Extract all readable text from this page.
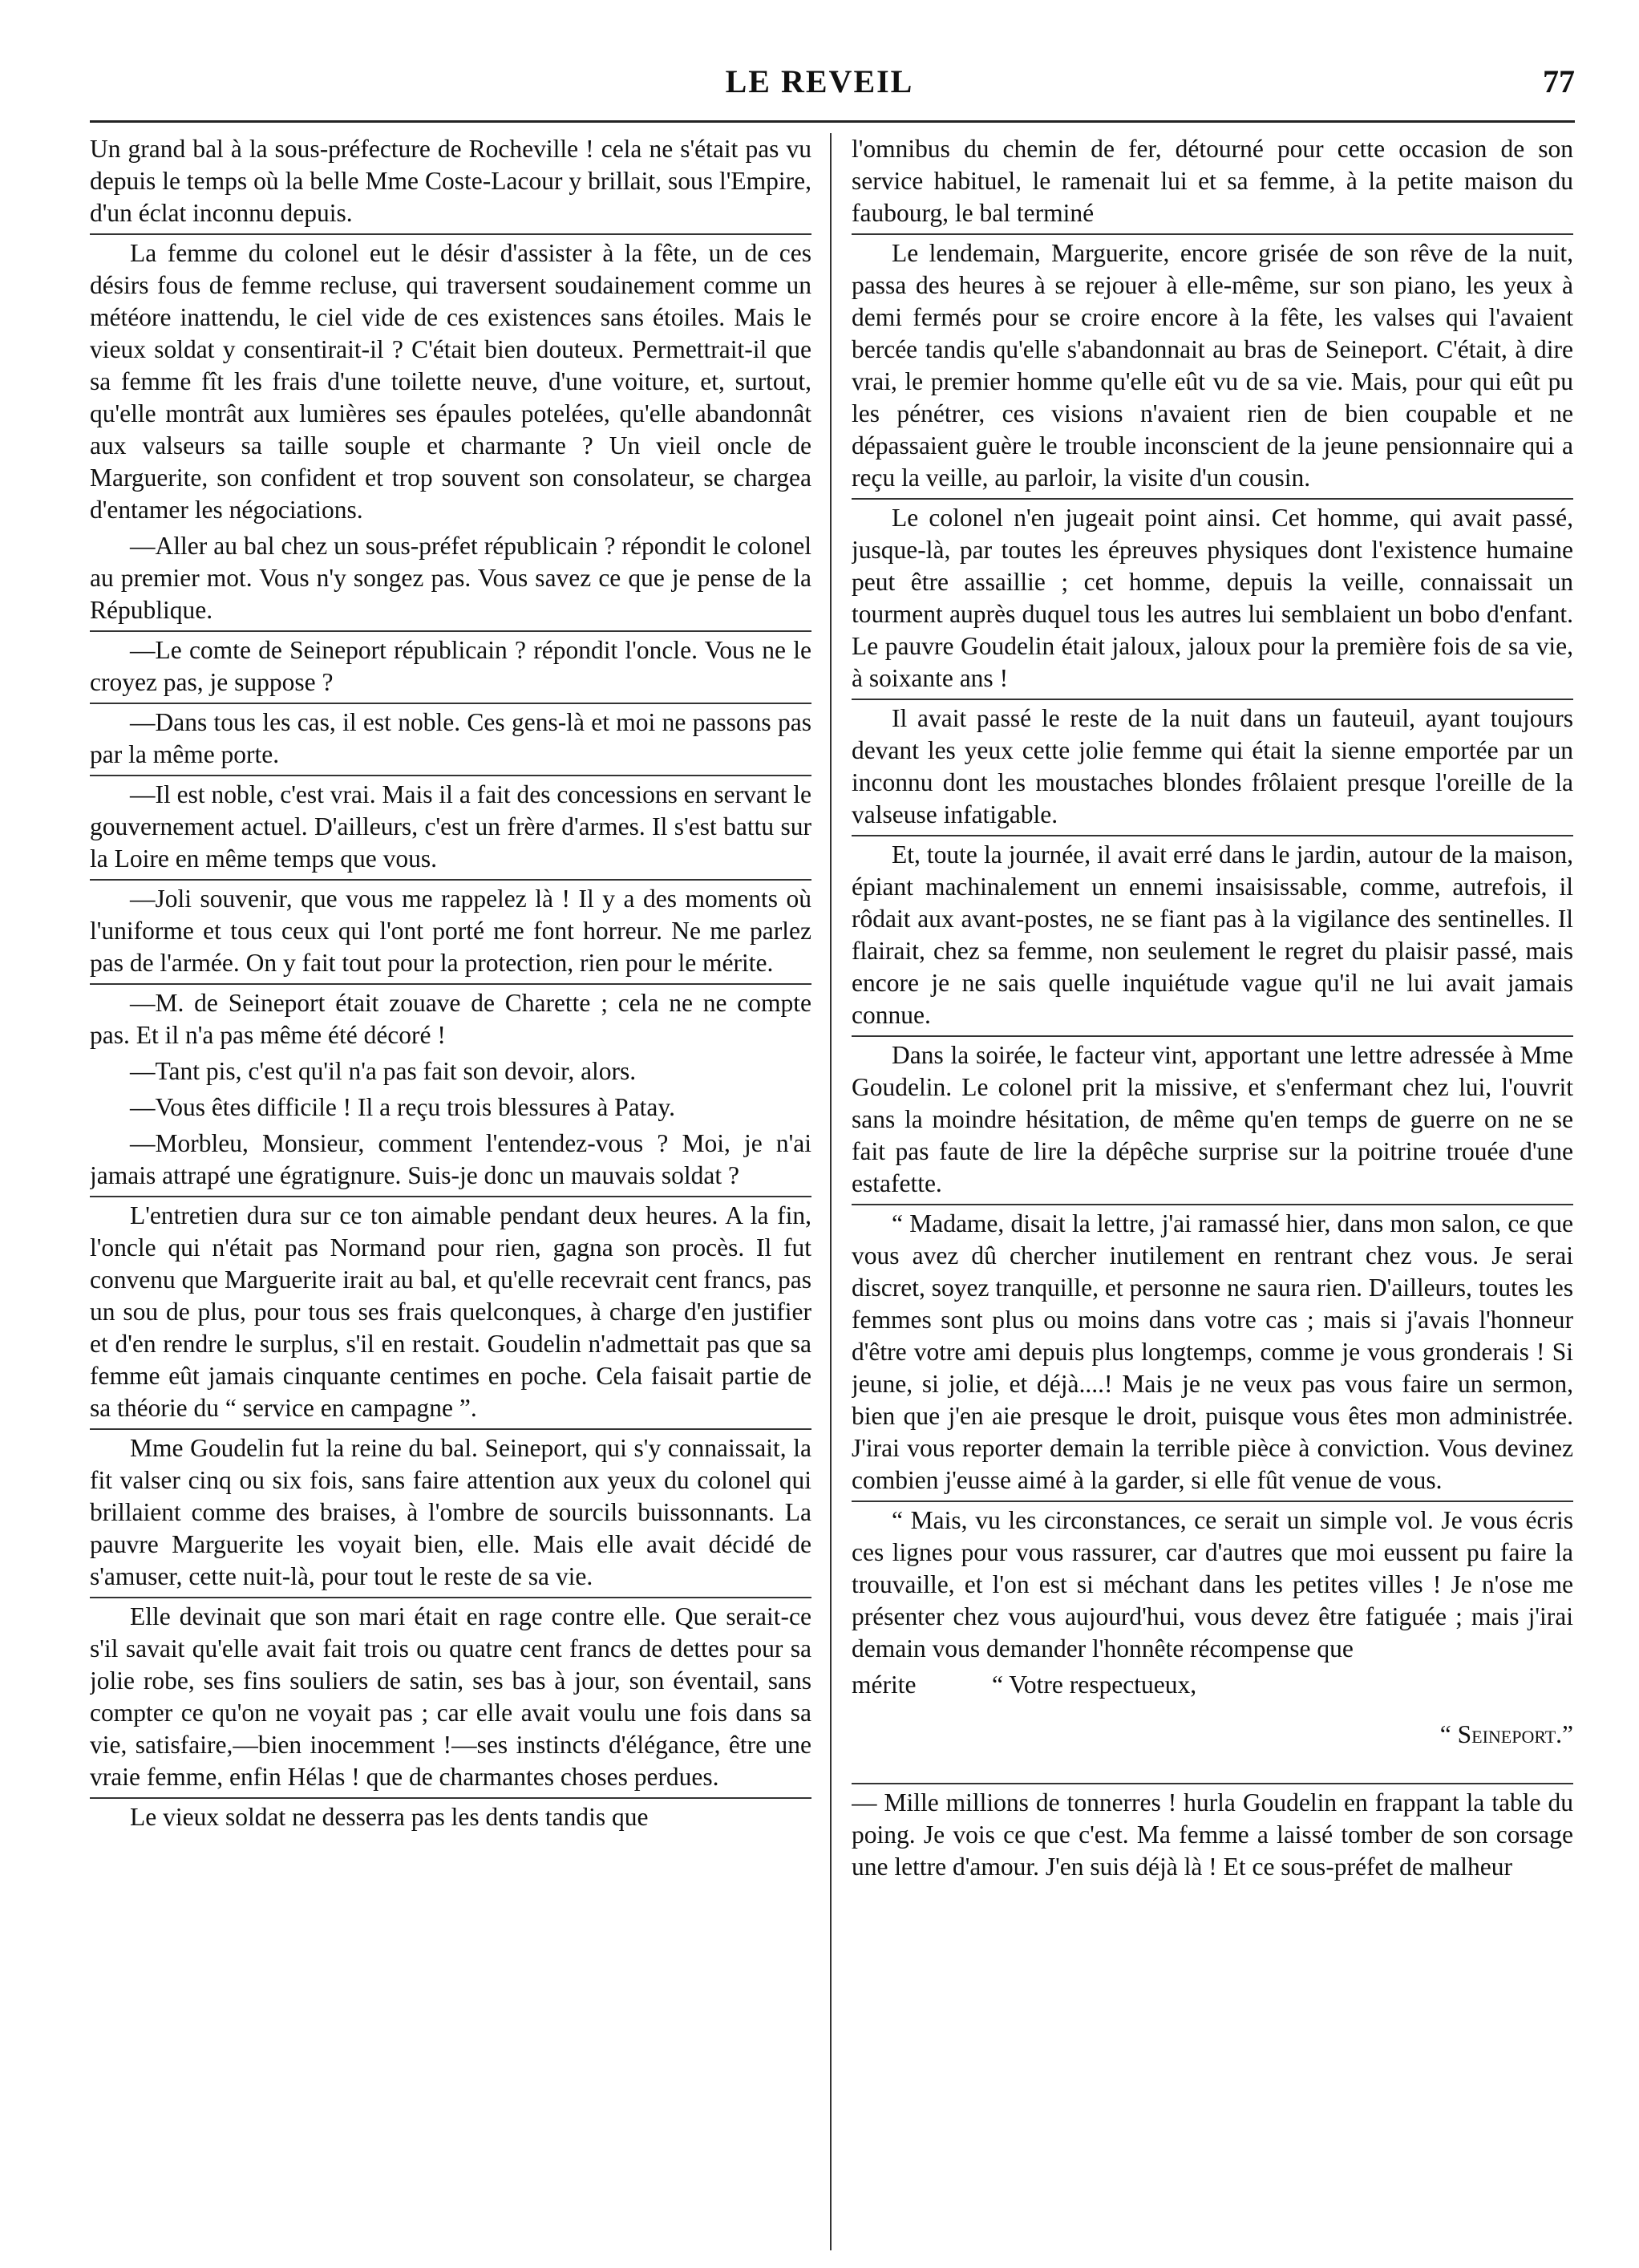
LE REVEIL	77

Un grand bal à la sous-préfecture de Rocheville ! cela ne s'était pas vu depuis le temps où la belle Mme Coste-Lacour y brillait, sous l'Empire, d'un éclat inconnu depuis.

La femme du colonel eut le désir d'assister à la fête, un de ces désirs fous de femme recluse, qui traversent soudainement comme un météore inattendu, le ciel vide de ces existences sans étoiles. Mais le vieux soldat y consentirait-il ? C'était bien douteux. Permettrait-il que sa femme fît les frais d'une toilette neuve, d'une voiture, et, surtout, qu'elle montrât aux lumières ses épaules potelées, qu'elle abandonnât aux valseurs sa taille souple et charmante ? Un vieil oncle de Marguerite, son confident et trop souvent son consolateur, se chargea d'entamer les négociations.

—Aller au bal chez un sous-préfet républicain ? répondit le colonel au premier mot. Vous n'y songez pas. Vous savez ce que je pense de la République.

—Le comte de Seineport républicain ? répondit l'oncle. Vous ne le croyez pas, je suppose ?

—Dans tous les cas, il est noble. Ces gens-là et moi ne passons pas par la même porte.

—Il est noble, c'est vrai. Mais il a fait des concessions en servant le gouvernement actuel. D'ailleurs, c'est un frère d'armes. Il s'est battu sur la Loire en même temps que vous.

—Joli souvenir, que vous me rappelez là ! Il y a des moments où l'uniforme et tous ceux qui l'ont porté me font horreur. Ne me parlez pas de l'armée. On y fait tout pour la protection, rien pour le mérite.

—M. de Seineport était zouave de Charette ; cela ne ne compte pas. Et il n'a pas même été décoré !

—Tant pis, c'est qu'il n'a pas fait son devoir, alors.

—Vous êtes difficile ! Il a reçu trois blessures à Patay.

—Morbleu, Monsieur, comment l'entendez-vous ? Moi, je n'ai jamais attrapé une égratignure. Suis-je donc un mauvais soldat ?

L'entretien dura sur ce ton aimable pendant deux heures. A la fin, l'oncle qui n'était pas Normand pour rien, gagna son procès. Il fut convenu que Marguerite irait au bal, et qu'elle recevrait cent francs, pas un sou de plus, pour tous ses frais quelconques, à charge d'en justifier et d'en rendre le surplus, s'il en restait. Goudelin n'admettait pas que sa femme eût jamais cinquante centimes en poche. Cela faisait partie de sa théorie du “ service en campagne ”.

Mme Goudelin fut la reine du bal. Seineport, qui s'y connaissait, la fit valser cinq ou six fois, sans faire attention aux yeux du colonel qui brillaient comme des braises, à l'ombre de sourcils buissonnants. La pauvre Marguerite les voyait bien, elle. Mais elle avait décidé de s'amuser, cette nuit-là, pour tout le reste de sa vie.

Elle devinait que son mari était en rage contre elle. Que serait-ce s'il savait qu'elle avait fait trois ou quatre cent francs de dettes pour sa jolie robe, ses fins souliers de satin, ses bas à jour, son éventail, sans compter ce qu'on ne voyait pas ; car elle avait voulu une fois dans sa vie, satisfaire,—bien inocemment !—ses instincts d'élégance, être une vraie femme, enfin Hélas ! que de charmantes choses perdues.

Le vieux soldat ne desserra pas les dents tandis que

l'omnibus du chemin de fer, détourné pour cette occasion de son service habituel, le ramenait lui et sa femme, à la petite maison du faubourg, le bal terminé

Le lendemain, Marguerite, encore grisée de son rêve de la nuit, passa des heures à se rejouer à elle-même, sur son piano, les yeux à demi fermés pour se croire encore à la fête, les valses qui l'avaient bercée tandis qu'elle s'abandonnait au bras de Seineport. C'était, à dire vrai, le premier homme qu'elle eût vu de sa vie. Mais, pour qui eût pu les pénétrer, ces visions n'avaient rien de bien coupable et ne dépassaient guère le trouble inconscient de la jeune pensionnaire qui a reçu la veille, au parloir, la visite d'un cousin.

Le colonel n'en jugeait point ainsi. Cet homme, qui avait passé, jusque-là, par toutes les épreuves physiques dont l'existence humaine peut être assaillie ; cet homme, depuis la veille, connaissait un tourment auprès duquel tous les autres lui semblaient un bobo d'enfant. Le pauvre Goudelin était jaloux, jaloux pour la première fois de sa vie, à soixante ans !

Il avait passé le reste de la nuit dans un fauteuil, ayant toujours devant les yeux cette jolie femme qui était la sienne emportée par un inconnu dont les moustaches blondes frôlaient presque l'oreille de la valseuse infatigable.

Et, toute la journée, il avait erré dans le jardin, autour de la maison, épiant machinalement un ennemi insaisissable, comme, autrefois, il rôdait aux avant-postes, ne se fiant pas à la vigilance des sentinelles. Il flairait, chez sa femme, non seulement le regret du plaisir passé, mais encore je ne sais quelle inquiétude vague qu'il ne lui avait jamais connue.

Dans la soirée, le facteur vint, apportant une lettre adressée à Mme Goudelin. Le colonel prit la missive, et s'enfermant chez lui, l'ouvrit sans la moindre hésitation, de même qu'en temps de guerre on ne se fait pas faute de lire la dépêche surprise sur la poitrine trouée d'une estafette.

“ Madame, disait la lettre, j'ai ramassé hier, dans mon salon, ce que vous avez dû chercher inutilement en rentrant chez vous. Je serai discret, soyez tranquille, et personne ne saura rien. D'ailleurs, toutes les femmes sont plus ou moins dans votre cas ; mais si j'avais l'honneur d'être votre ami depuis plus longtemps, comme je vous gronderais ! Si jeune, si jolie, et déjà....! Mais je ne veux pas vous faire un sermon, bien que j'en aie presque le droit, puisque vous êtes mon administrée. J'irai vous reporter demain la terrible pièce à conviction. Vous devinez combien j'eusse aimé à la garder, si elle fût venue de vous.

“ Mais, vu les circonstances, ce serait un simple vol. Je vous écris ces lignes pour vous rassurer, car d'autres que moi eussent pu faire la trouvaille, et l'on est si méchant dans les petites villes ! Je n'ose me présenter chez vous aujourd'hui, vous devez être fatiguée ; mais j'irai demain vous demander l'honnête récompense que

mérite            “ Votre respectueux,

“ Seineport.”

— Mille millions de tonnerres ! hurla Goudelin en frappant la table du poing. Je vois ce que c'est. Ma femme a laissé tomber de son corsage une lettre d'amour. J'en suis déjà là ! Et ce sous-préfet de malheur
